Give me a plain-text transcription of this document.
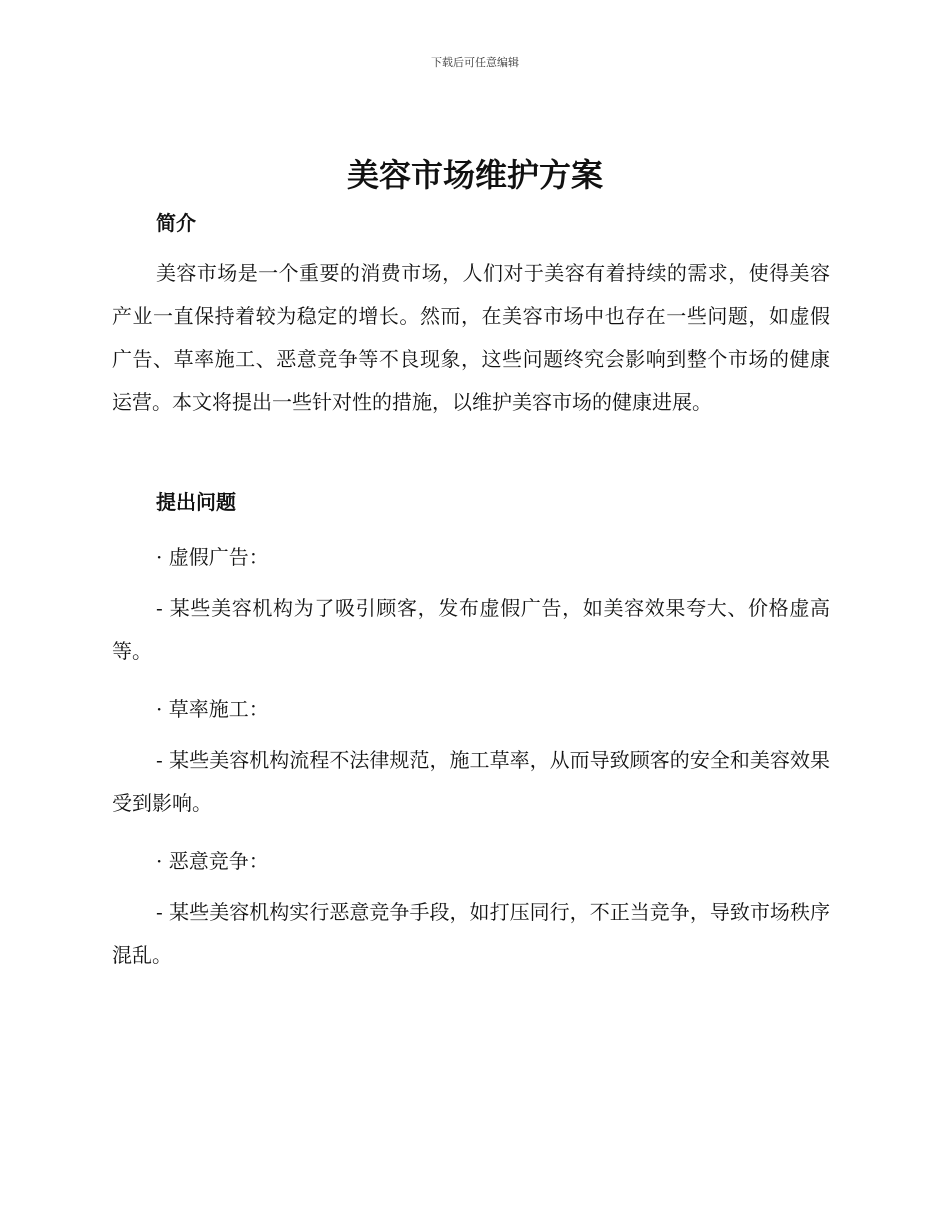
下载后可任意编辑
美容市场维护方案
简介

美容市场是一个重要的消费市场，人们对于美容有着持续的需求，使得美容产业一直保持着较为稳定的增长。然而，在美容市场中也存在一些问题，如虚假广告、草率施工、恶意竞争等不良现象，这些问题终究会影响到整个市场的健康运营。本文将提出一些针对性的措施，以维护美容市场的健康进展。

提出问题

· 虚假广告：

- 某些美容机构为了吸引顾客，发布虚假广告，如美容效果夸大、价格虚高等。

· 草率施工：

- 某些美容机构流程不法律规范，施工草率，从而导致顾客的安全和美容效果受到影响。

· 恶意竞争：

- 某些美容机构实行恶意竞争手段，如打压同行，不正当竞争，导致市场秩序混乱。
